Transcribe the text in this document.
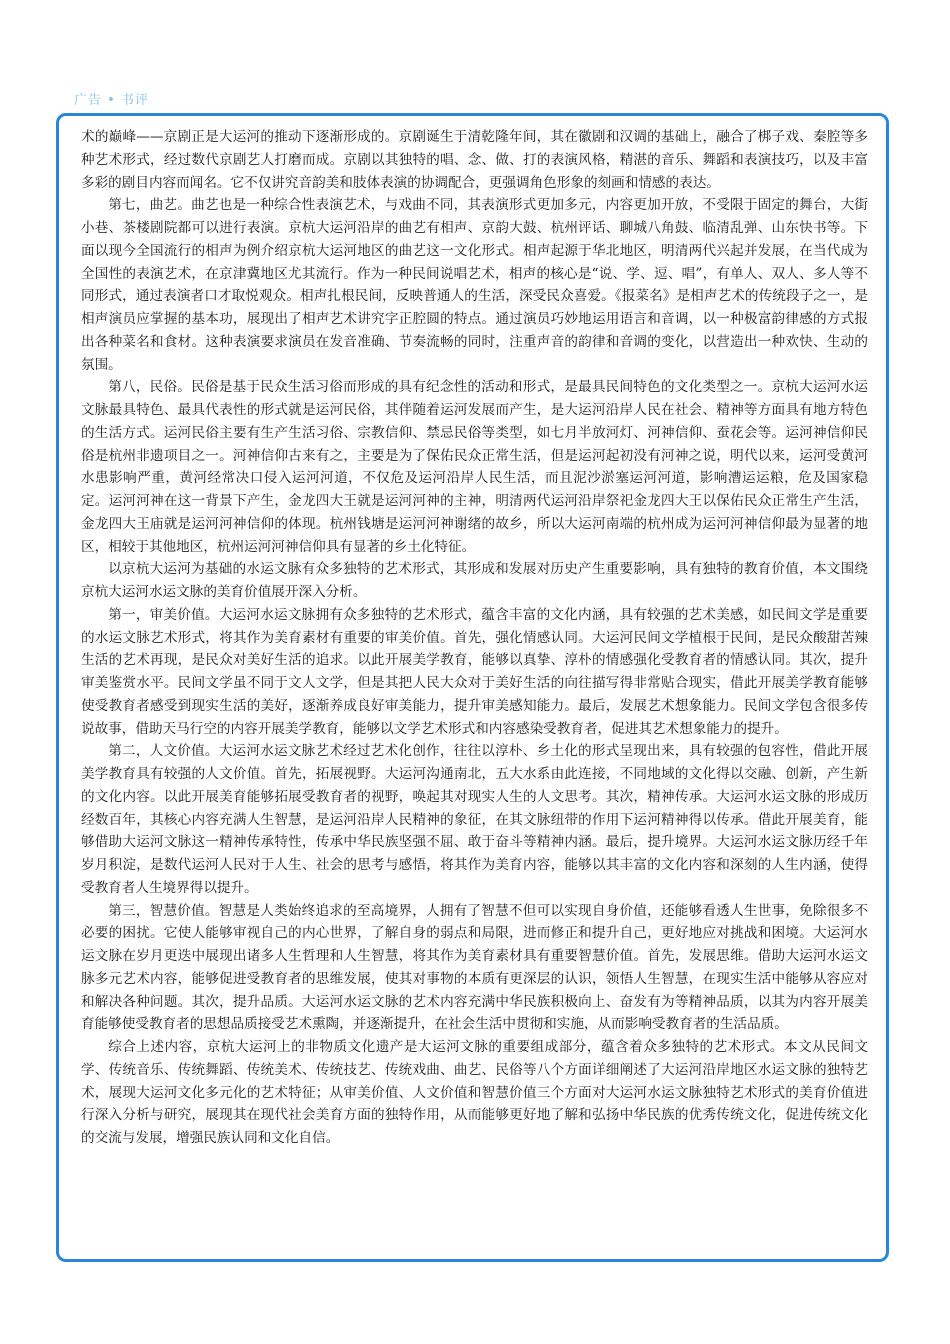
广告 • 书评

术的巅峰——京剧正是大运河的推动下逐渐形成的。京剧诞生于清乾隆年间，其在徽剧和汉调的基础上，融合了梆子戏、秦腔等多种艺术形式，经过数代京剧艺人打磨而成。京剧以其独特的唱、念、做、打的表演风格，精湛的音乐、舞蹈和表演技巧，以及丰富多彩的剧目内容而闻名。它不仅讲究音韵美和肢体表演的协调配合，更强调角色形象的刻画和情感的表达。

第七，曲艺。曲艺也是一种综合性表演艺术，与戏曲不同，其表演形式更加多元，内容更加开放，不受限于固定的舞台，大街小巷、茶楼剧院都可以进行表演。京杭大运河沿岸的曲艺有相声、京韵大鼓、杭州评话、聊城八角鼓、临清乱弹、山东快书等。下面以现今全国流行的相声为例介绍京杭大运河地区的曲艺这一文化形式。相声起源于华北地区，明清两代兴起并发展，在当代成为全国性的表演艺术，在京津冀地区尤其流行。作为一种民间说唱艺术，相声的核心是“说、学、逗、唱”，有单人、双人、多人等不同形式，通过表演者口才取悦观众。相声扎根民间，反映普通人的生活，深受民众喜爱。《报菜名》是相声艺术的传统段子之一，是相声演员应掌握的基本功，展现出了相声艺术讲究字正腔圆的特点。通过演员巧妙地运用语言和音调，以一种极富韵律感的方式报出各种菜名和食材。这种表演要求演员在发音准确、节奏流畅的同时，注重声音的韵律和音调的变化，以营造出一种欢快、生动的氛围。

第八，民俗。民俗是基于民众生活习俗而形成的具有纪念性的活动和形式，是最具民间特色的文化类型之一。京杭大运河水运文脉最具特色、最具代表性的形式就是运河民俗，其伴随着运河发展而产生，是大运河沿岸人民在社会、精神等方面具有地方特色的生活方式。运河民俗主要有生产生活习俗、宗教信仰、禁忌民俗等类型，如七月半放河灯、河神信仰、蚕花会等。运河神信仰民俗是杭州非遗项目之一。河神信仰古来有之，主要是为了保佑民众正常生活，但是运河起初没有河神之说，明代以来，运河受黄河水患影响严重，黄河经常决口侵入运河河道，不仅危及运河沿岸人民生活，而且泥沙淤塞运河河道，影响漕运运粮，危及国家稳定。运河河神在这一背景下产生，金龙四大王就是运河河神的主神，明清两代运河沿岸祭祀金龙四大王以保佑民众正常生产生活，金龙四大王庙就是运河河神信仰的体现。杭州钱塘是运河河神谢绪的故乡，所以大运河南端的杭州成为运河河神信仰最为显著的地区，相较于其他地区，杭州运河河神信仰具有显著的乡土化特征。

以京杭大运河为基础的水运文脉有众多独特的艺术形式，其形成和发展对历史产生重要影响，具有独特的教育价值，本文围绕京杭大运河水运文脉的美育价值展开深入分析。

第一，审美价值。大运河水运文脉拥有众多独特的艺术形式，蕴含丰富的文化内涵，具有较强的艺术美感，如民间文学是重要的水运文脉艺术形式，将其作为美育素材有重要的审美价值。首先，强化情感认同。大运河民间文学植根于民间，是民众酸甜苦辣生活的艺术再现，是民众对美好生活的追求。以此开展美学教育，能够以真挚、淳朴的情感强化受教育者的情感认同。其次，提升审美鉴赏水平。民间文学虽不同于文人文学，但是其把人民大众对于美好生活的向往描写得非常贴合现实，借此开展美学教育能够使受教育者感受到现实生活的美好，逐渐养成良好审美能力，提升审美感知能力。最后，发展艺术想象能力。民间文学包含很多传说故事，借助天马行空的内容开展美学教育，能够以文学艺术形式和内容感染受教育者，促进其艺术想象能力的提升。

第二，人文价值。大运河水运文脉艺术经过艺术化创作，往往以淳朴、乡土化的形式呈现出来，具有较强的包容性，借此开展美学教育具有较强的人文价值。首先，拓展视野。大运河沟通南北，五大水系由此连接，不同地域的文化得以交融、创新，产生新的文化内容。以此开展美育能够拓展受教育者的视野，唤起其对现实人生的人文思考。其次，精神传承。大运河水运文脉的形成历经数百年，其核心内容充满人生智慧，是运河沿岸人民精神的象征，在其文脉纽带的作用下运河精神得以传承。借此开展美育，能够借助大运河文脉这一精神传承特性，传承中华民族坚强不屈、敢于奋斗等精神内涵。最后，提升境界。大运河水运文脉历经千年岁月积淀，是数代运河人民对于人生、社会的思考与感悟，将其作为美育内容，能够以其丰富的文化内容和深刻的人生内涵，使得受教育者人生境界得以提升。

第三，智慧价值。智慧是人类始终追求的至高境界，人拥有了智慧不但可以实现自身价值，还能够看透人生世事，免除很多不必要的困扰。它使人能够审视自己的内心世界，了解自身的弱点和局限，进而修正和提升自己，更好地应对挑战和困境。大运河水运文脉在岁月更迭中展现出诸多人生哲理和人生智慧，将其作为美育素材具有重要智慧价值。首先，发展思维。借助大运河水运文脉多元艺术内容，能够促进受教育者的思维发展，使其对事物的本质有更深层的认识，领悟人生智慧，在现实生活中能够从容应对和解决各种问题。其次，提升品质。大运河水运文脉的艺术内容充满中华民族积极向上、奋发有为等精神品质，以其为内容开展美育能够使受教育者的思想品质接受艺术熏陶，并逐渐提升，在社会生活中贯彻和实施，从而影响受教育者的生活品质。

综合上述内容，京杭大运河上的非物质文化遗产是大运河文脉的重要组成部分，蕴含着众多独特的艺术形式。本文从民间文学、传统音乐、传统舞蹈、传统美术、传统技艺、传统戏曲、曲艺、民俗等八个方面详细阐述了大运河沿岸地区水运文脉的独特艺术，展现大运河文化多元化的艺术特征；从审美价值、人文价值和智慧价值三个方面对大运河水运文脉独特艺术形式的美育价值进行深入分析与研究，展现其在现代社会美育方面的独特作用，从而能够更好地了解和弘扬中华民族的优秀传统文化，促进传统文化的交流与发展，增强民族认同和文化自信。
